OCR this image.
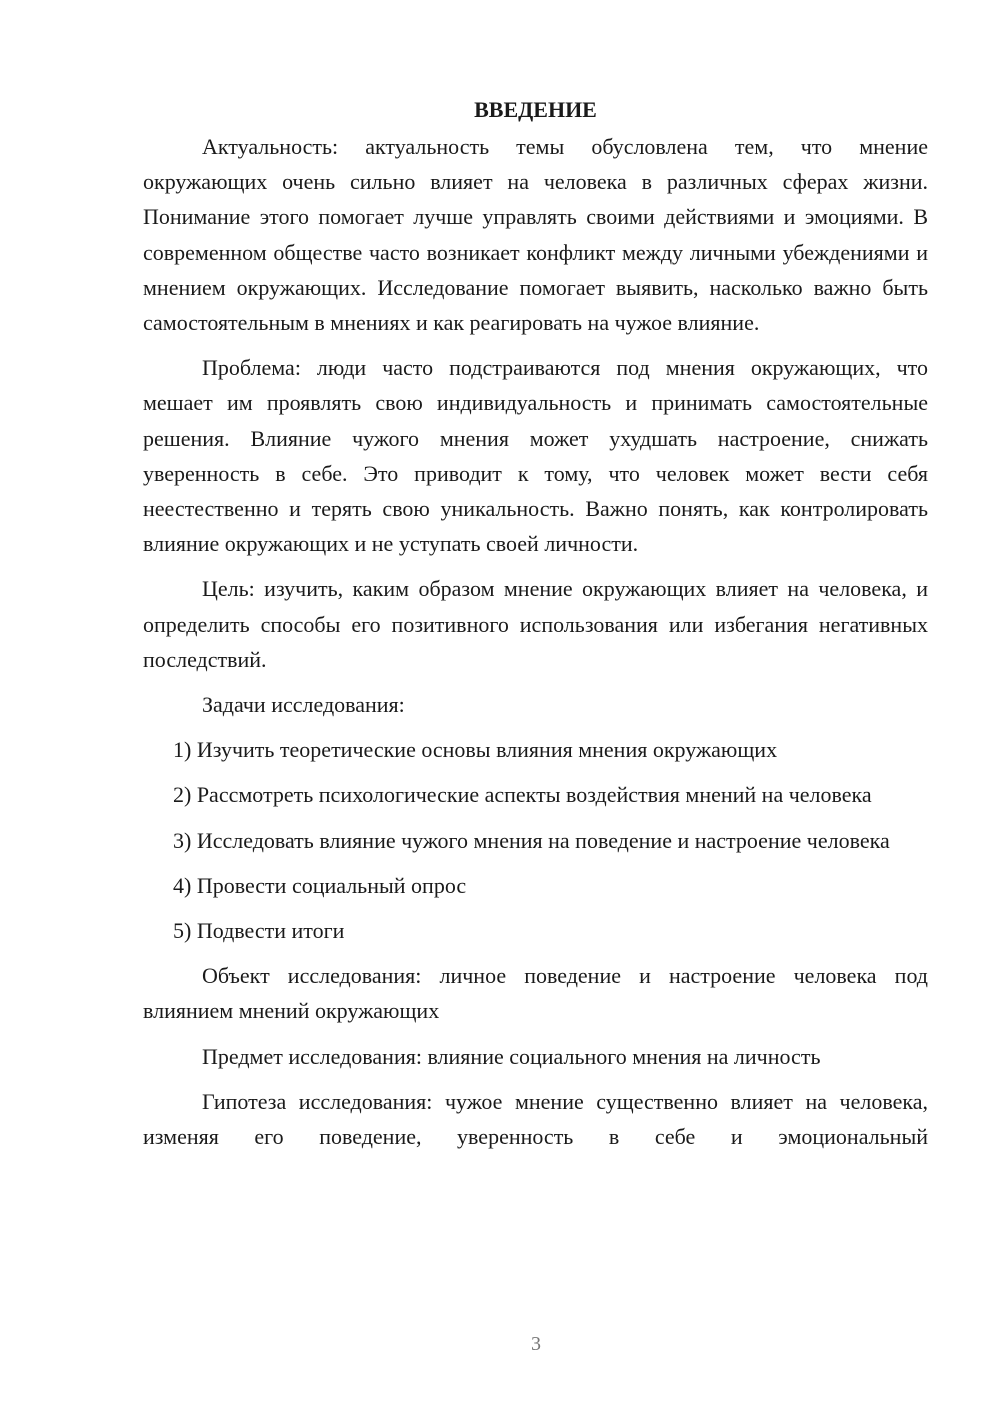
ВВЕДЕНИЕ

Актуальность: актуальность темы обусловлена тем, что мнение окружающих очень сильно влияет на человека в различных сферах жизни. Понимание этого помогает лучше управлять своими действиями и эмоциями. В современном обществе часто возникает конфликт между личными убеждениями и мнением окружающих. Исследование помогает выявить, насколько важно быть самостоятельным в мнениях и как реагировать на чужое влияние.

Проблема: люди часто подстраиваются под мнения окружающих, что мешает им проявлять свою индивидуальность и принимать самостоятельные решения. Влияние чужого мнения может ухудшать настроение, снижать уверенность в себе. Это приводит к тому, что человек может вести себя неестественно и терять свою уникальность. Важно понять, как контролировать влияние окружающих и не уступать своей личности.

Цель: изучить, каким образом мнение окружающих влияет на человека, и определить способы его позитивного использования или избегания негативных последствий.

Задачи исследования:

1) Изучить теоретические основы влияния мнения окружающих

2) Рассмотреть психологические аспекты воздействия мнений на человека

3) Исследовать влияние чужого мнения на поведение и настроение человека

4) Провести социальный опрос

5) Подвести итоги

Объект исследования: личное поведение и настроение человека под влиянием мнений окружающих

Предмет исследования: влияние социального мнения на личность

Гипотеза исследования: чужое мнение существенно влияет на человека, изменяя его поведение, уверенность в себе и эмоциональный

3
